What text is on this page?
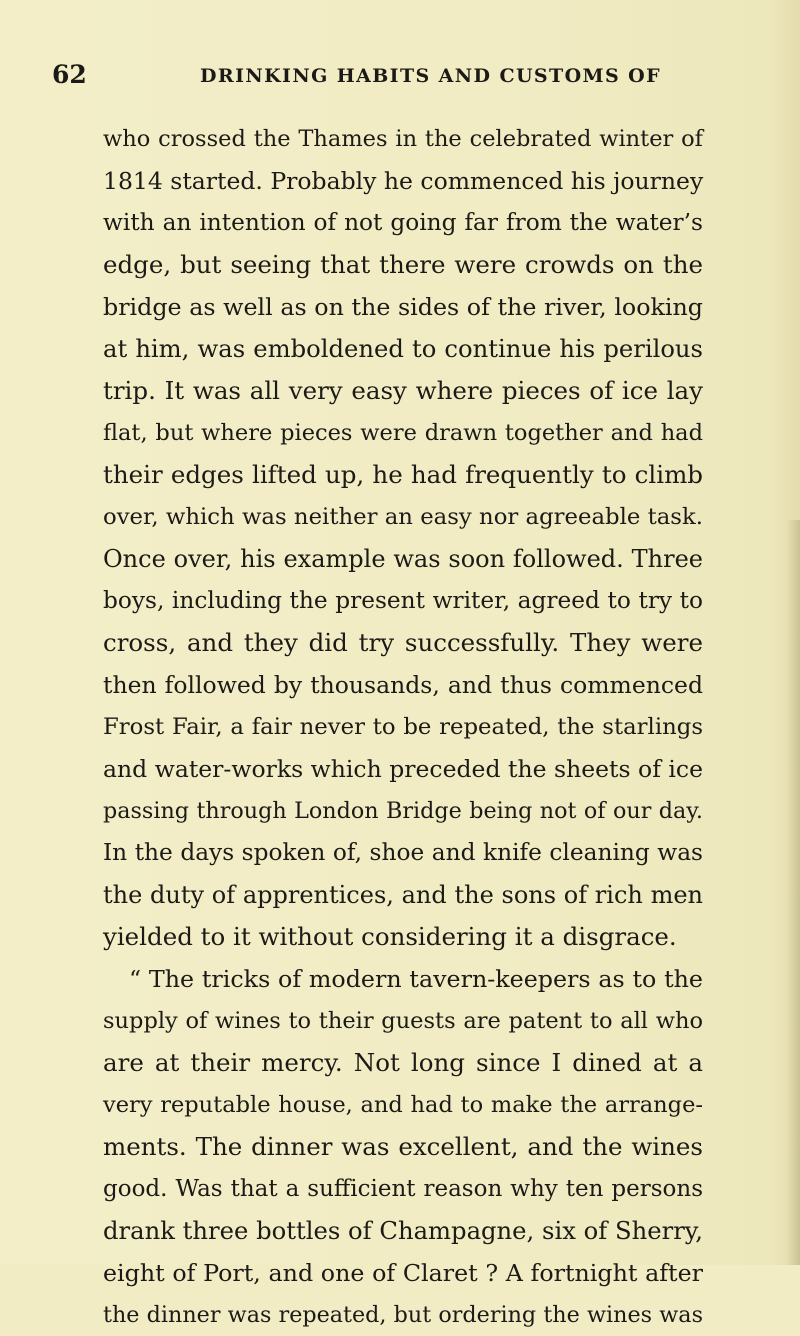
62	DRINKING HABITS AND CUSTOMS OF
who crossed the Thames in the celebrated winter of
1814 started. Probably he commenced his journey
with an intention of not going far from the water’s
edge, but seeing that there were crowds on the
bridge as well as on the sides of the river, looking
at him, was emboldened to continue his perilous
trip. It was all very easy where pieces of ice lay
flat, but where pieces were drawn together and had
their edges lifted up, he had frequently to climb
over, which was neither an easy nor agreeable task.
Once over, his example was soon followed. Three
boys, including the present writer, agreed to try to
cross, and they did try successfully. They were
then followed by thousands, and thus commenced
Frost Fair, a fair never to be repeated, the starlings
and water-works which preceded the sheets of ice
passing through London Bridge being not of our day.
In the days spoken of, shoe and knife cleaning was
the duty of apprentices, and the sons of rich men
yielded to it without considering it a disgrace.
“ The tricks of modern tavern-keepers as to the
supply of wines to their guests are patent to all who
are at their mercy. Not long since I dined at a
very reputable house, and had to make the arrange-
ments. The dinner was excellent, and the wines
good. Was that a sufficient reason why ten persons
drank three bottles of Champagne, six of Sherry,
eight of Port, and one of Claret ? A fortnight after
the dinner was repeated, but ordering the wines was
